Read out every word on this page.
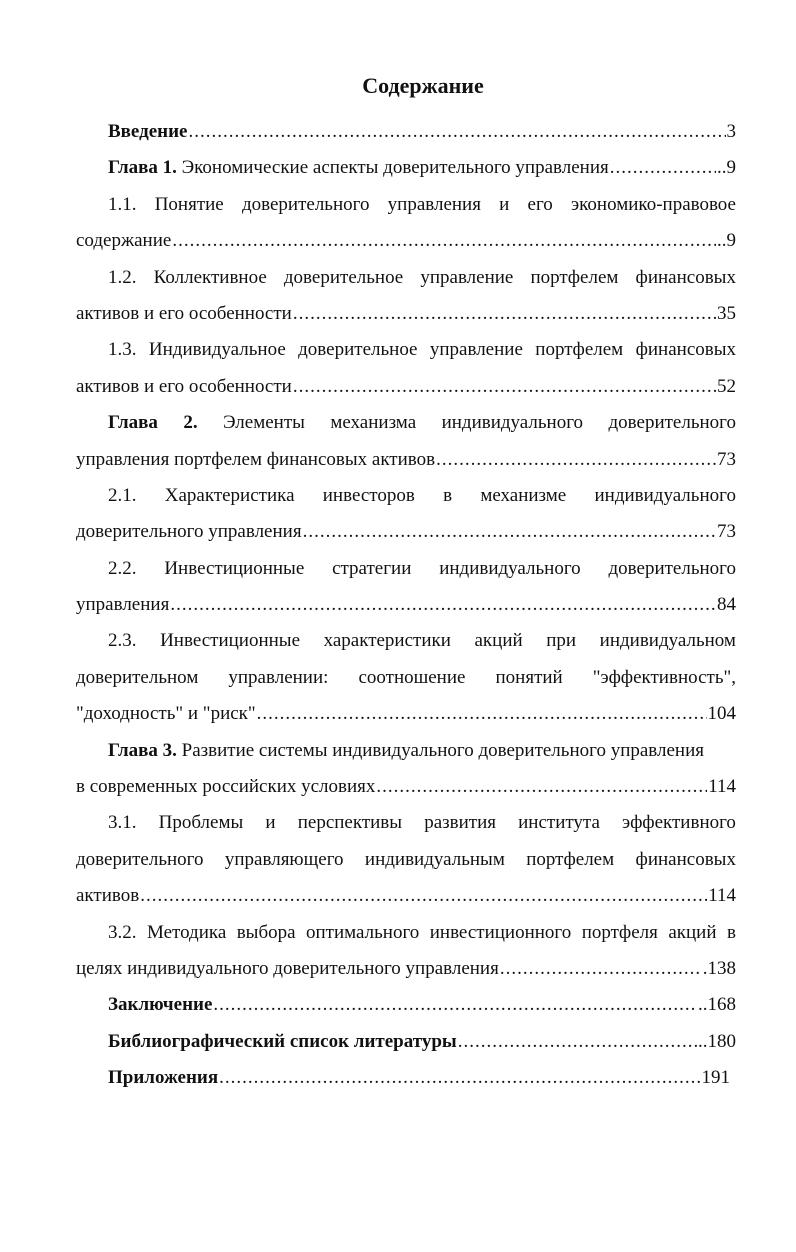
Содержание
Введение .....	3
Глава 1. Экономические аспекты доверительного управления .....	..9
1.1. Понятие доверительного управления и его экономико-правовое
содержание .....	..9
1.2. Коллективное доверительное управление портфелем финансовых
активов и его особенности .....	35
1.3. Индивидуальное доверительное управление портфелем финансовых
активов и его особенности .....	52
Глава 2. Элементы механизма индивидуального доверительного
управления портфелем финансовых активов .....	73
2.1. Характеристика инвесторов в механизме индивидуального
доверительного управления .....	73
2.2. Инвестиционные стратегии индивидуального доверительного
управления .....	84
2.3. Инвестиционные характеристики акций при индивидуальном
доверительном управлении: соотношение понятий "эффективность",
"доходность" и "риск" .....	104
Глава 3. Развитие системы индивидуального доверительного управления
в современных российских условиях .....	114
3.1. Проблемы и перспективы развития института эффективного
доверительного управляющего индивидуальным портфелем финансовых
активов .....	114
3.2. Методика выбора оптимального инвестиционного портфеля акций в
целях индивидуального доверительного управления .....	.138
Заключение .....	..168
Библиографический список литературы .....	..180
Приложения .....	191
